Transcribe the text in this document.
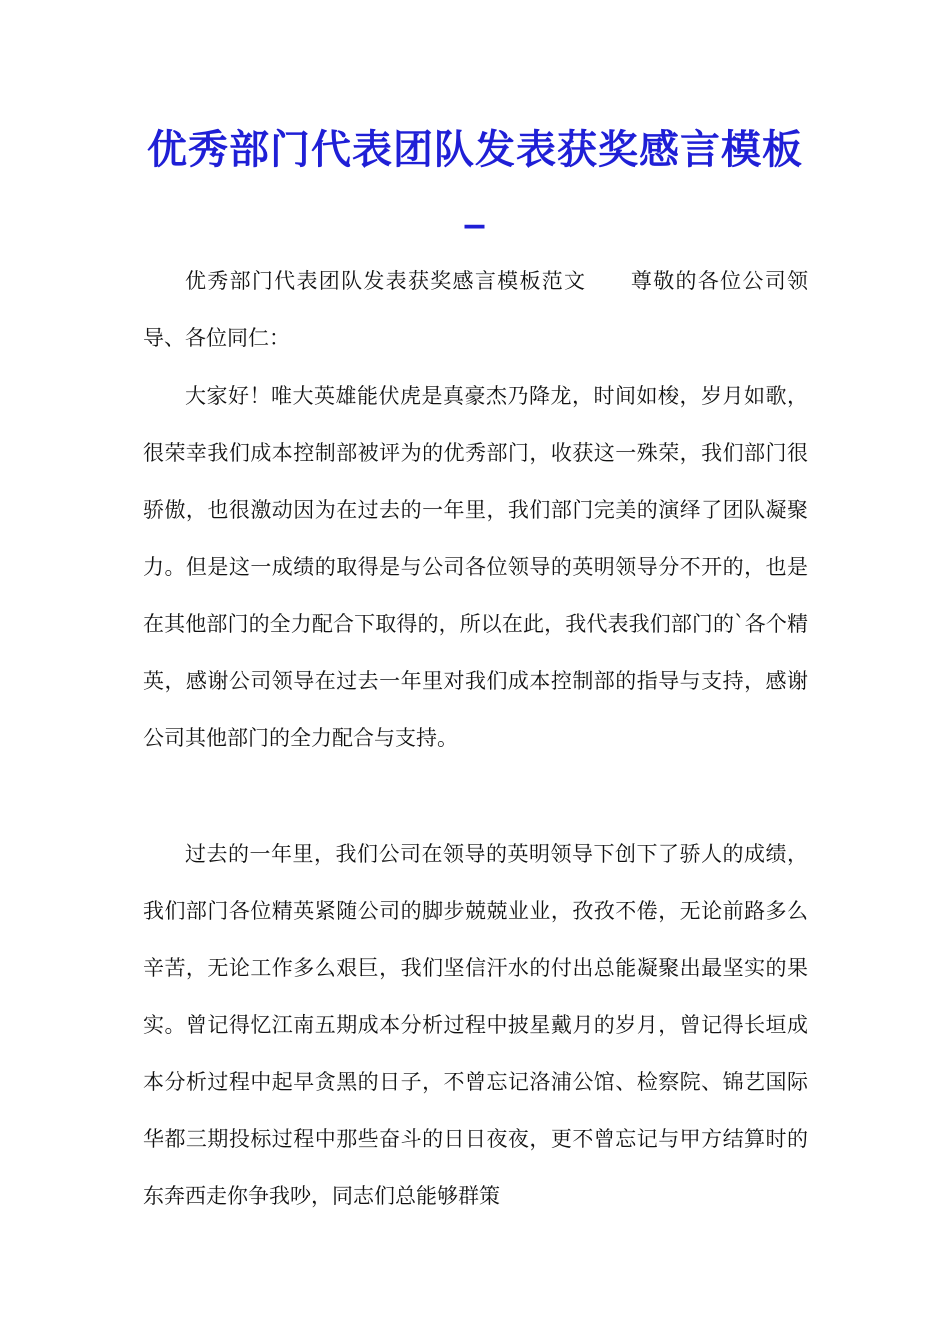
优秀部门代表团队发表获奖感言模板_

优秀部门代表团队发表获奖感言模板范文　　尊敬的各位公司领导、各位同仁：

大家好！唯大英雄能伏虎是真豪杰乃降龙，时间如梭，岁月如歌，很荣幸我们成本控制部被评为的优秀部门，收获这一殊荣，我们部门很骄傲，也很激动因为在过去的一年里，我们部门完美的演绎了团队凝聚力。但是这一成绩的取得是与公司各位领导的英明领导分不开的，也是在其他部门的全力配合下取得的，所以在此，我代表我们部门的`各个精英，感谢公司领导在过去一年里对我们成本控制部的指导与支持，感谢公司其他部门的全力配合与支持。

过去的一年里，我们公司在领导的英明领导下创下了骄人的成绩，我们部门各位精英紧随公司的脚步兢兢业业，孜孜不倦，无论前路多么辛苦，无论工作多么艰巨，我们坚信汗水的付出总能凝聚出最坚实的果实。曾记得忆江南五期成本分析过程中披星戴月的岁月，曾记得长垣成本分析过程中起早贪黑的日子，不曾忘记洛浦公馆、检察院、锦艺国际华都三期投标过程中那些奋斗的日日夜夜，更不曾忘记与甲方结算时的东奔西走你争我吵，同志们总能够群策
